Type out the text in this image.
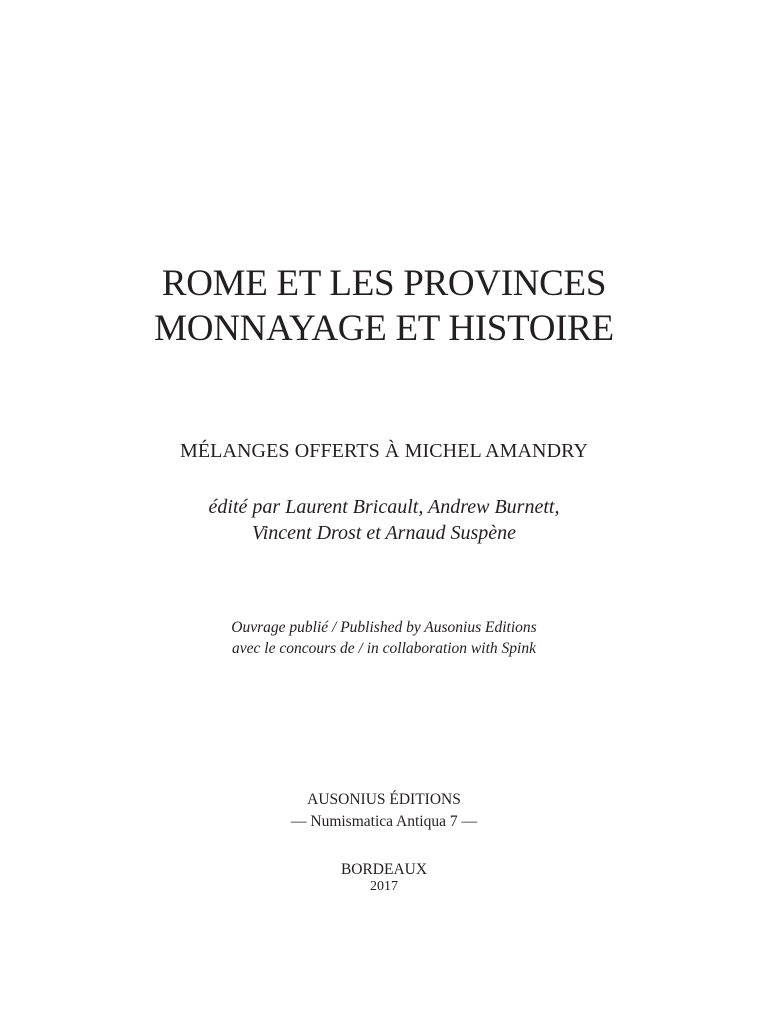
ROME ET LES PROVINCES
MONNAYAGE ET HISTOIRE
MÉLANGES OFFERTS À MICHEL AMANDRY
édité par Laurent Bricault, Andrew Burnett,
Vincent Drost et Arnaud Suspène
Ouvrage publié / Published by Ausonius Editions
avec le concours de / in collaboration with Spink
AUSONIUS ÉDITIONS
— Numismatica Antiqua 7 —
BORDEAUX
2017
